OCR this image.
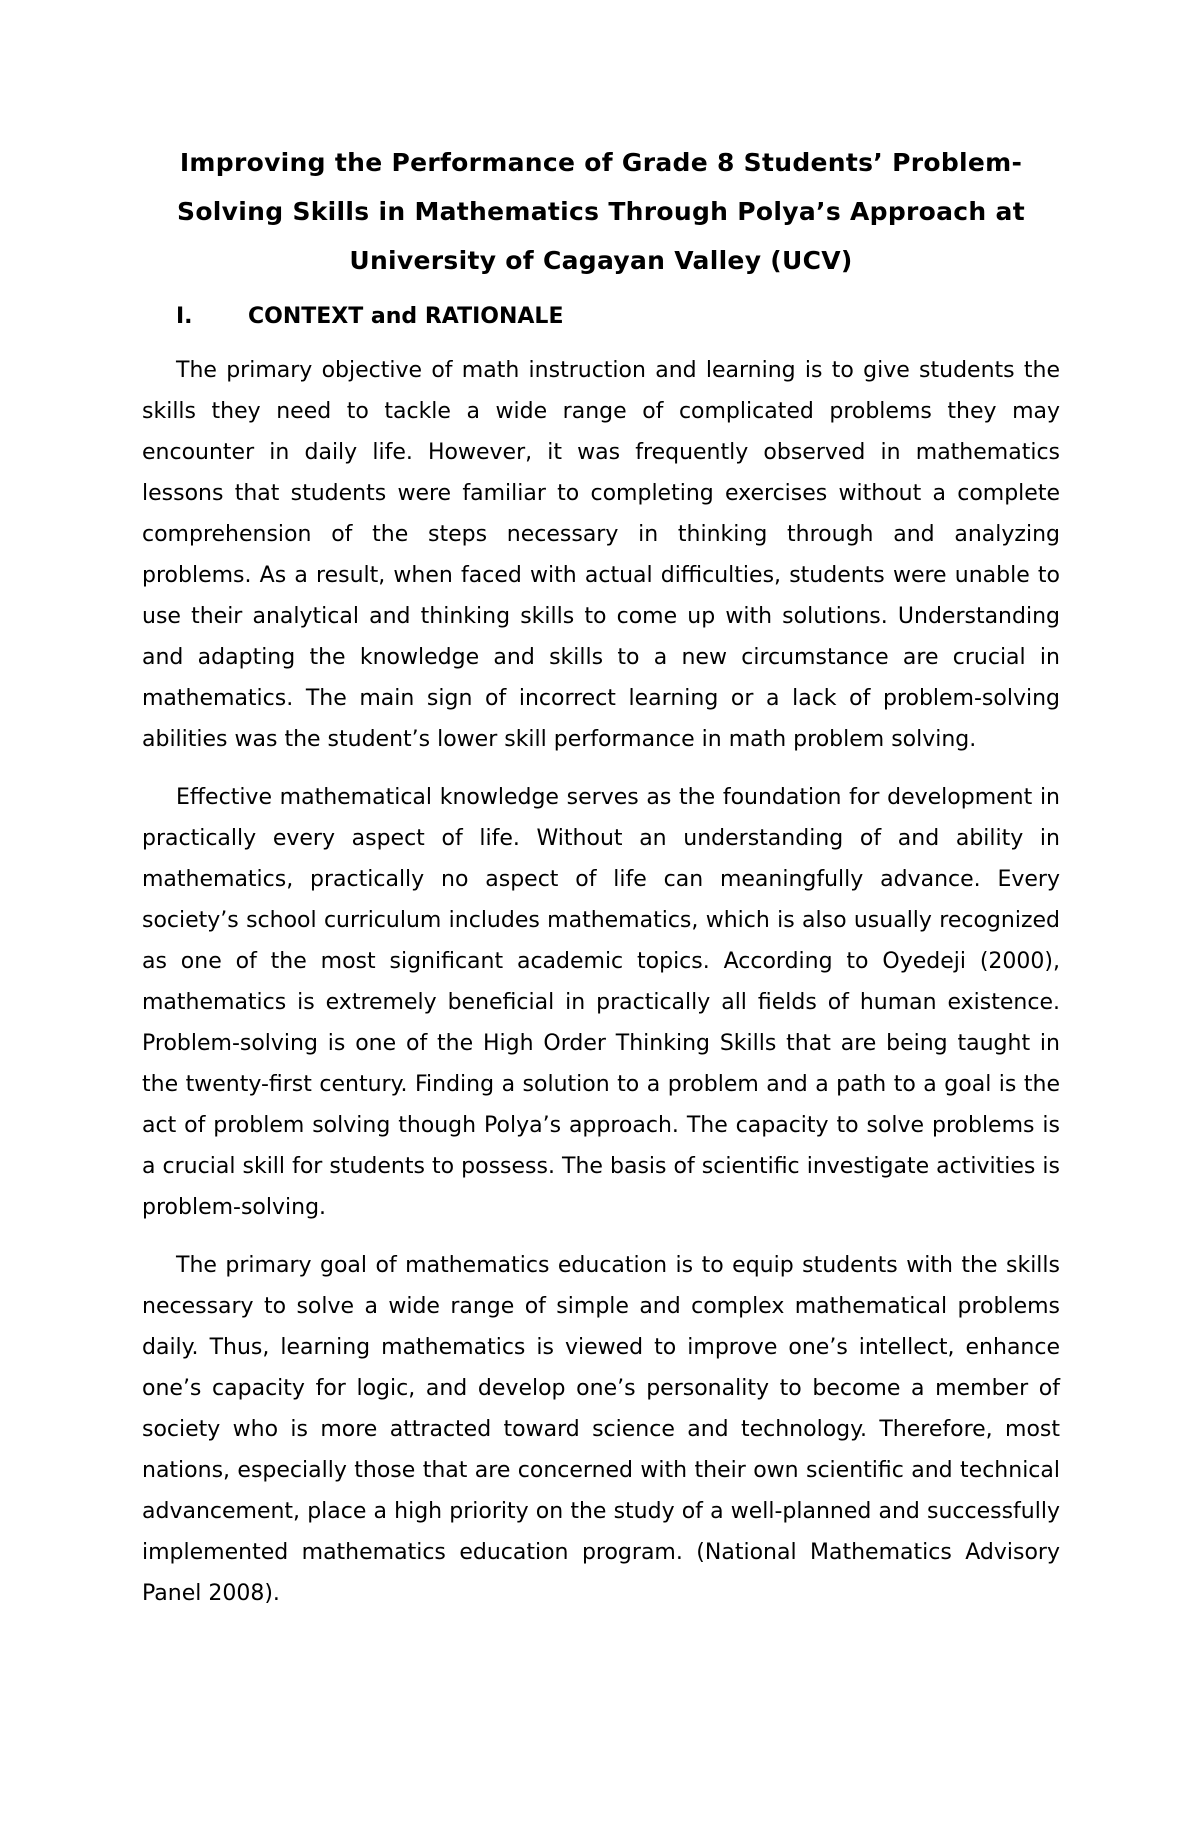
Improving the Performance of Grade 8 Students’ Problem-Solving Skills in Mathematics Through Polya’s Approach at University of Cagayan Valley (UCV)
I.	CONTEXT and RATIONALE

The primary objective of math instruction and learning is to give students the skills they need to tackle a wide range of complicated problems they may encounter in daily life. However, it was frequently observed in mathematics lessons that students were familiar to completing exercises without a complete comprehension of the steps necessary in thinking through and analyzing problems. As a result, when faced with actual difficulties, students were unable to use their analytical and thinking skills to come up with solutions. Understanding and adapting the knowledge and skills to a new circumstance are crucial in mathematics. The main sign of incorrect learning or a lack of problem-solving abilities was the student’s lower skill performance in math problem solving.

Effective mathematical knowledge serves as the foundation for development in practically every aspect of life. Without an understanding of and ability in mathematics, practically no aspect of life can meaningfully advance. Every society’s school curriculum includes mathematics, which is also usually recognized as one of the most significant academic topics. According to Oyedeji (2000), mathematics is extremely beneficial in practically all fields of human existence. Problem-solving is one of the High Order Thinking Skills that are being taught in the twenty-first century. Finding a solution to a problem and a path to a goal is the act of problem solving though Polya’s approach. The capacity to solve problems is a crucial skill for students to possess. The basis of scientific investigate activities is problem-solving.

The primary goal of mathematics education is to equip students with the skills necessary to solve a wide range of simple and complex mathematical problems daily. Thus, learning mathematics is viewed to improve one’s intellect, enhance one’s capacity for logic, and develop one’s personality to become a member of society who is more attracted toward science and technology. Therefore, most nations, especially those that are concerned with their own scientific and technical advancement, place a high priority on the study of a well-planned and successfully implemented mathematics education program. (National Mathematics Advisory Panel 2008).
